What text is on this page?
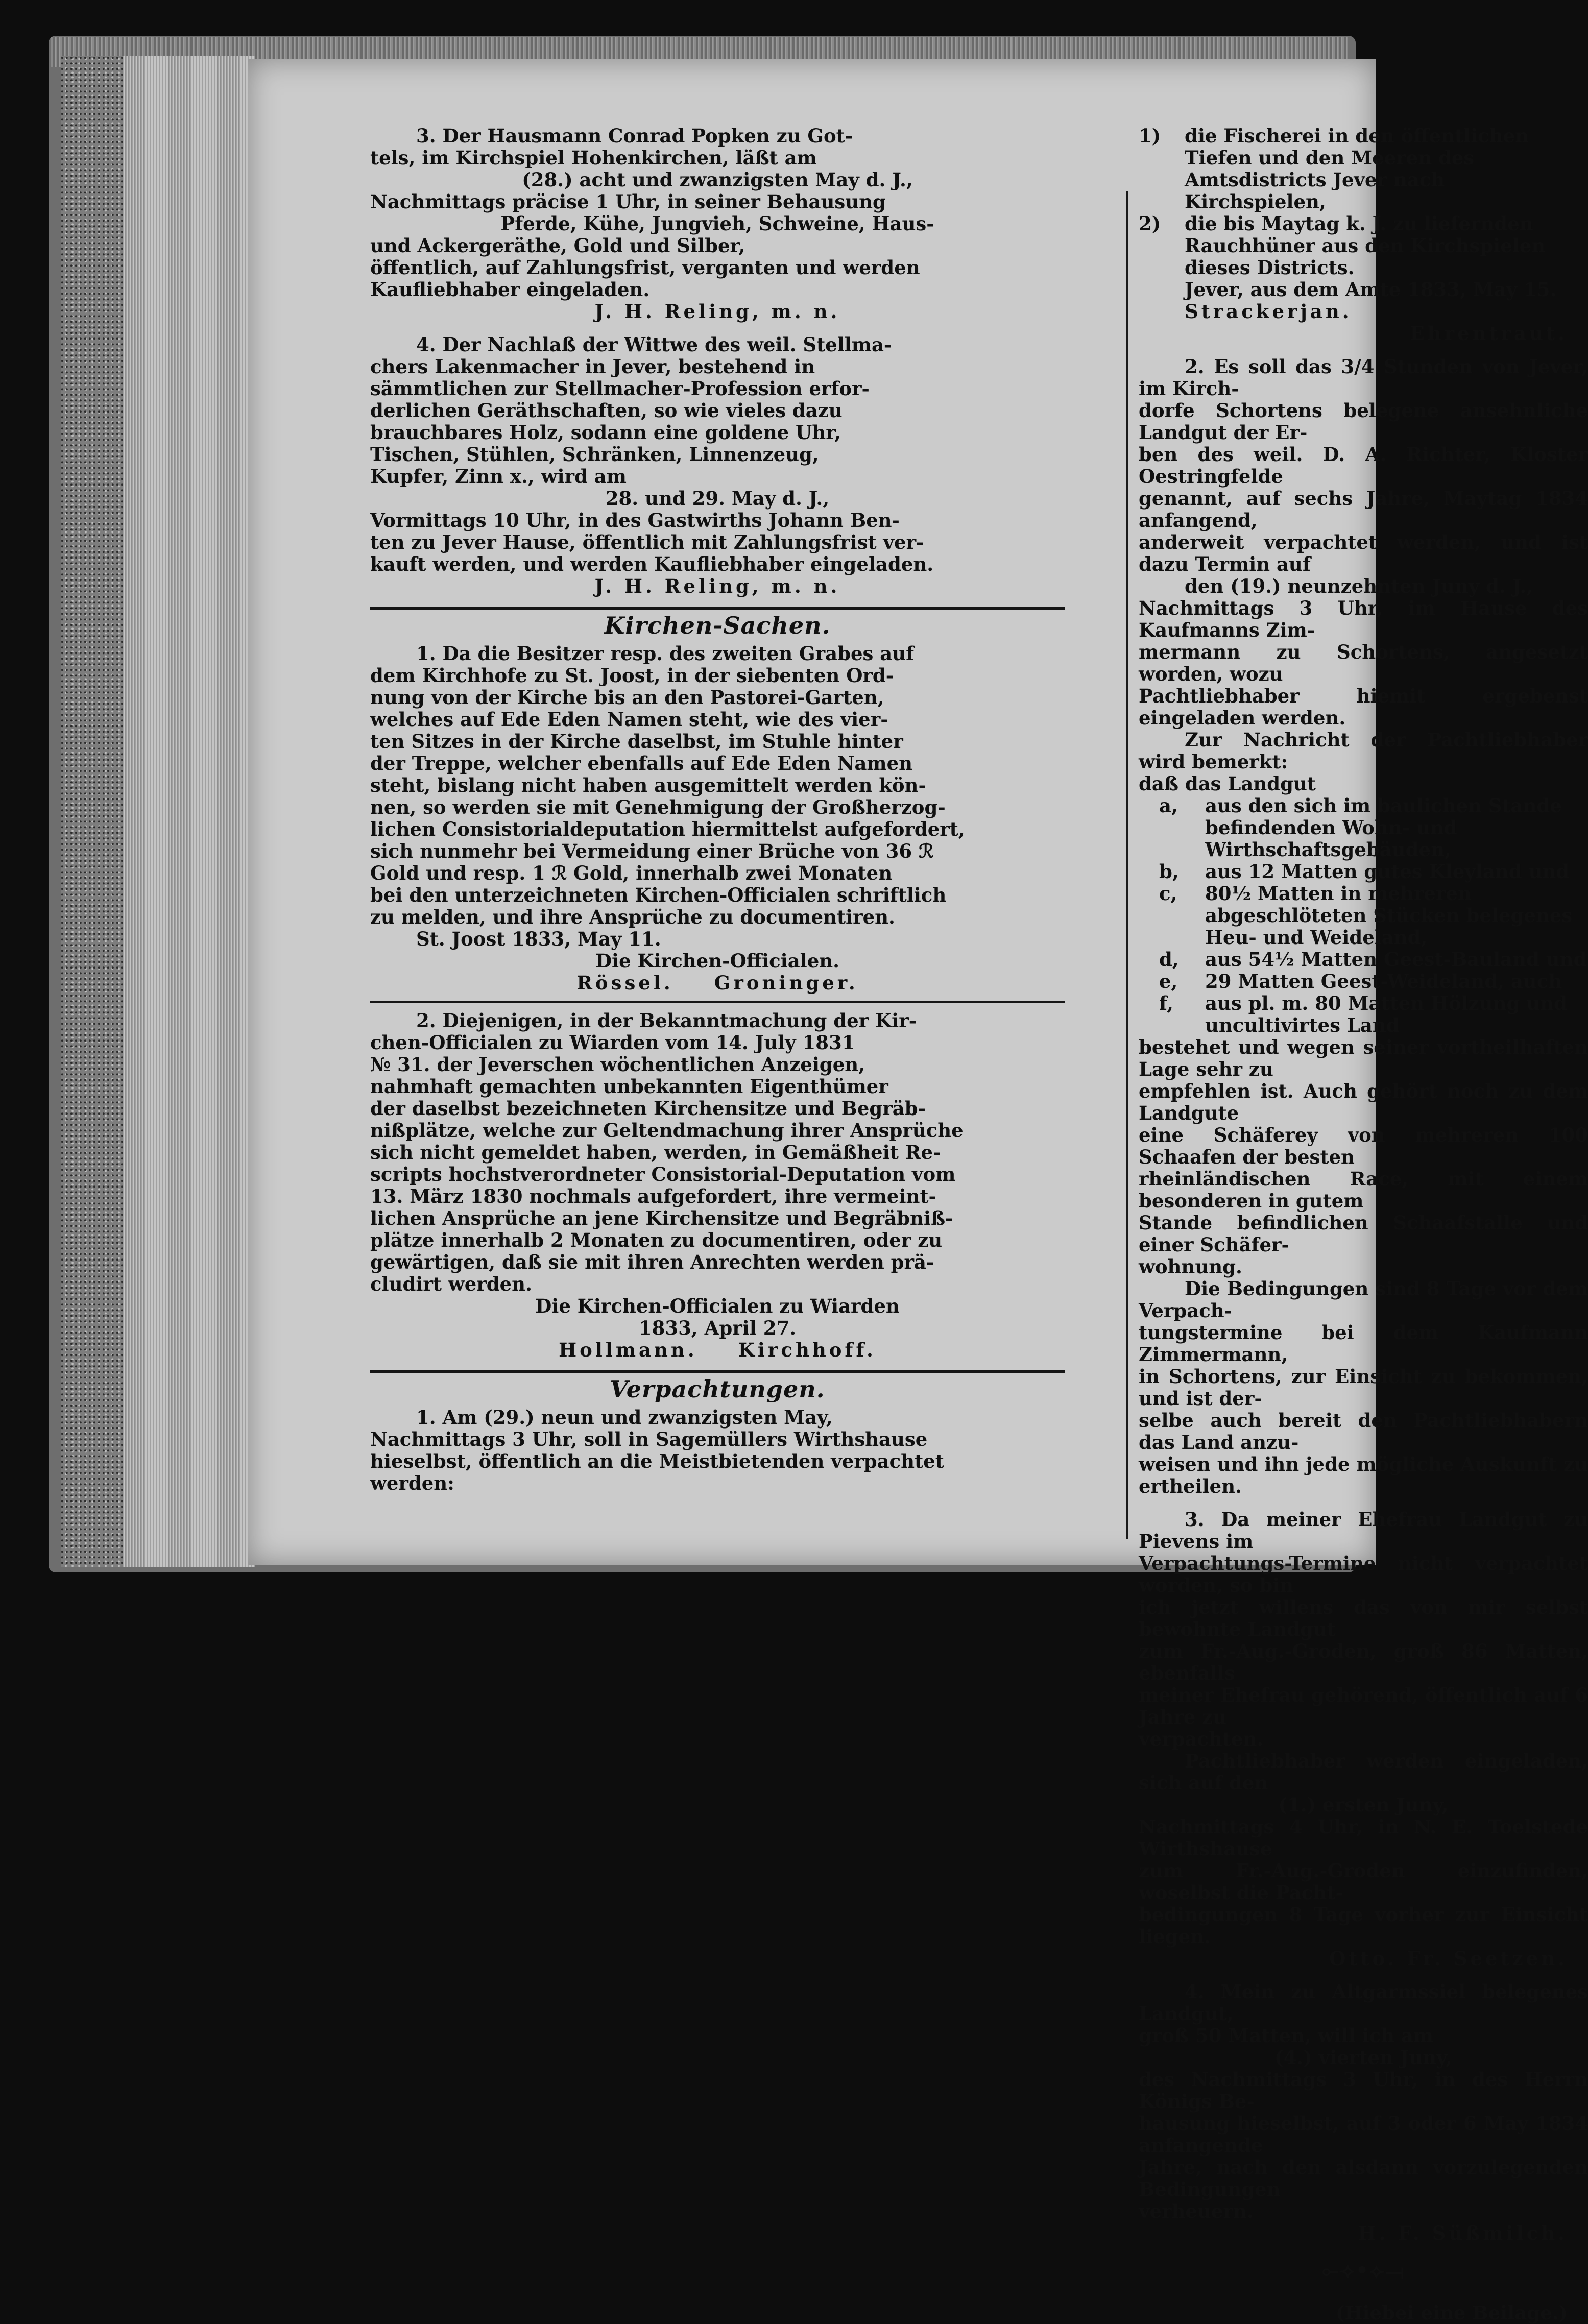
3. Der Hausmann Conrad Popken zu Got-

tels, im Kirchspiel Hohenkirchen, läßt am

(28.) acht und zwanzigsten May d. J.,

Nachmittags präcise 1 Uhr, in seiner Behausung

Pferde, Kühe, Jungvieh, Schweine, Haus-

und Ackergeräthe, Gold und Silber,

öffentlich, auf Zahlungsfrist, verganten und werden

Kaufliebhaber eingeladen.

J. H. Reling, m. n.

4. Der Nachlaß der Wittwe des weil. Stellma-

chers Lakenmacher in Jever, bestehend in

sämmtlichen zur Stellmacher-Profession erfor-

derlichen Geräthschaften, so wie vieles dazu

brauchbares Holz, sodann eine goldene Uhr,

Tischen, Stühlen, Schränken, Linnenzeug,

Kupfer, Zinn x., wird am

28. und 29. May d. J.,

Vormittags 10 Uhr, in des Gastwirths Johann Ben-

ten zu Jever Hause, öffentlich mit Zahlungsfrist ver-

kauft werden, und werden Kaufliebhaber eingeladen.

J. H. Reling, m. n.

Kirchen-Sachen.

1. Da die Besitzer resp. des zweiten Grabes auf

dem Kirchhofe zu St. Joost, in der siebenten Ord-

nung von der Kirche bis an den Pastorei-Garten,

welches auf Ede Eden Namen steht, wie des vier-

ten Sitzes in der Kirche daselbst, im Stuhle hinter

der Treppe, welcher ebenfalls auf Ede Eden Namen

steht, bislang nicht haben ausgemittelt werden kön-

nen, so werden sie mit Genehmigung der Großherzog-

lichen Consistorialdeputation hiermittelst aufgefordert,

sich nunmehr bei Vermeidung einer Brüche von 36 ℛ

Gold und resp. 1 ℛ Gold, innerhalb zwei Monaten

bei den unterzeichneten Kirchen-Officialen schriftlich

zu melden, und ihre Ansprüche zu documentiren.

St. Joost 1833, May 11.

Die Kirchen-Officialen.

Rössel. Groninger.

2. Diejenigen, in der Bekanntmachung der Kir-

chen-Officialen zu Wiarden vom 14. July 1831

№ 31. der Jeverschen wöchentlichen Anzeigen,

nahmhaft gemachten unbekannten Eigenthümer

der daselbst bezeichneten Kirchensitze und Begräb-

nißplätze, welche zur Geltendmachung ihrer Ansprüche

sich nicht gemeldet haben, werden, in Gemäßheit Re-

scripts hochstverordneter Consistorial-Deputation vom

13. März 1830 nochmals aufgefordert, ihre vermeint-

lichen Ansprüche an jene Kirchensitze und Begräbniß-

plätze innerhalb 2 Monaten zu documentiren, oder zu

gewärtigen, daß sie mit ihren Anrechten werden prä-

cludirt werden.

Die Kirchen-Officialen zu Wiarden

1833, April 27.

Hollmann. Kirchhoff.
Verpachtungen.

1. Am (29.) neun und zwanzigsten May,

Nachmittags 3 Uhr, soll in Sagemüllers Wirthshause

hieselbst, öffentlich an die Meistbietenden verpachtet

werden:

1)	die Fischerei in den öffentlichen Tiefen und den Meeren des Amtsdistricts Jever nach Kirchspielen,
2)	die bis Maytag k. J. zu liefernden Rauchhüner aus den Kirchspielen dieses Districts.

Jever, aus dem Amte 1833, May 15.

Strackerjan.

Ehrentraut.

2. Es soll das 3/4 Stunden von Jever, im Kirch-

dorfe Schortens belegene ansehnliche Landgut der Er-

ben des weil. D. A. Richter, Kloster Oestringfelde

genannt, auf sechs Jahre, Maytag 1834 anfangend,

anderweit verpachtet werden, und ist dazu Termin auf

den (19.) neunzehnten Juny d. J.,

Nachmittags 3 Uhr, im Hause des Kaufmanns Zim-

mermann zu Schortens, angesetzt worden, wozu

Pachtliebhaber hiemit ergebenst eingeladen werden.

Zur Nachricht der Pachtliebhaber wird bemerkt:

daß das Landgut

a,	aus den sich im baulichen Stande befindenden Wohn- und Wirthschaftsgebäuden,
b,	aus 12 Matten gutes Kleyland und
c,	80½ Matten in mehreren abgeschlöteten Stücken belegenes Heu- und Weideland,
d,	aus 54½ Matten Geest-Bauland und
e,	29 Matten Geest-Weideland, auch
f,	aus pl. m. 80 Matten Hölzung und uncultivirtes Land

bestehet und wegen seiner vortheilhaften Lage sehr zu

empfehlen ist. Auch gehört noch zu dem Landgute

eine Schäferey von mehreren 100 Schaafen der besten

rheinländischen Race, mit einem besonderen in gutem

Stande befindlichen Schaafstalle und einer Schäfer-

wohnung.

Die Bedingungen sind 8 Tage vor dem Verpach-

tungstermine bei dem Kaufmann Zimmermann,

in Schortens, zur Einsicht zu bekommen, und ist der-

selbe auch bereit den Pachtliebhabern das Land anzu-

weisen und ihn jede mögliche Auskunft zu ertheilen.

3. Da meiner Ehefrau Landgut zu Pievens im

Verpachtungs-Termine nicht verpachtet worden, so bin

ich jetzt willens das von mir selbst bewohnte Landgut

zum Fr.-Aug.-Groden, groß 86 Matten, ebenfalls

meiner Ehefrau gehörend, öffentlich auf 6 Jahre zu

verpachten.

Pachtliebhaber werden eingeladen, sich auf den

(1.) ersten Juny,

Nachmittags 4 Uhr, in N. E. Toelstede Wirthshause

zum Fr.-Aug.-Groden einzufinden, woselbst die Pacht-

bedingungen 8 Tage vorher zur Einsicht liegen.

Otto. Fr. Seetzen.

4. Mein zu Altgarmssiel belegenes Landgut,

groß 50 Matten, will ich am

(4.) vierten Juny,

des Nachmittags 3 Uhr, in des Herrn Königs Be-

hausung hieselbst, auf 3 oder 6 May 1834 anfangende

Jahre, nach den alsdann vorzulegenden Bedingungen

verheuern.

H. F. Süßmilch.

⟜⟢•⟣⟞

(Hiebei eine Beilage.)
